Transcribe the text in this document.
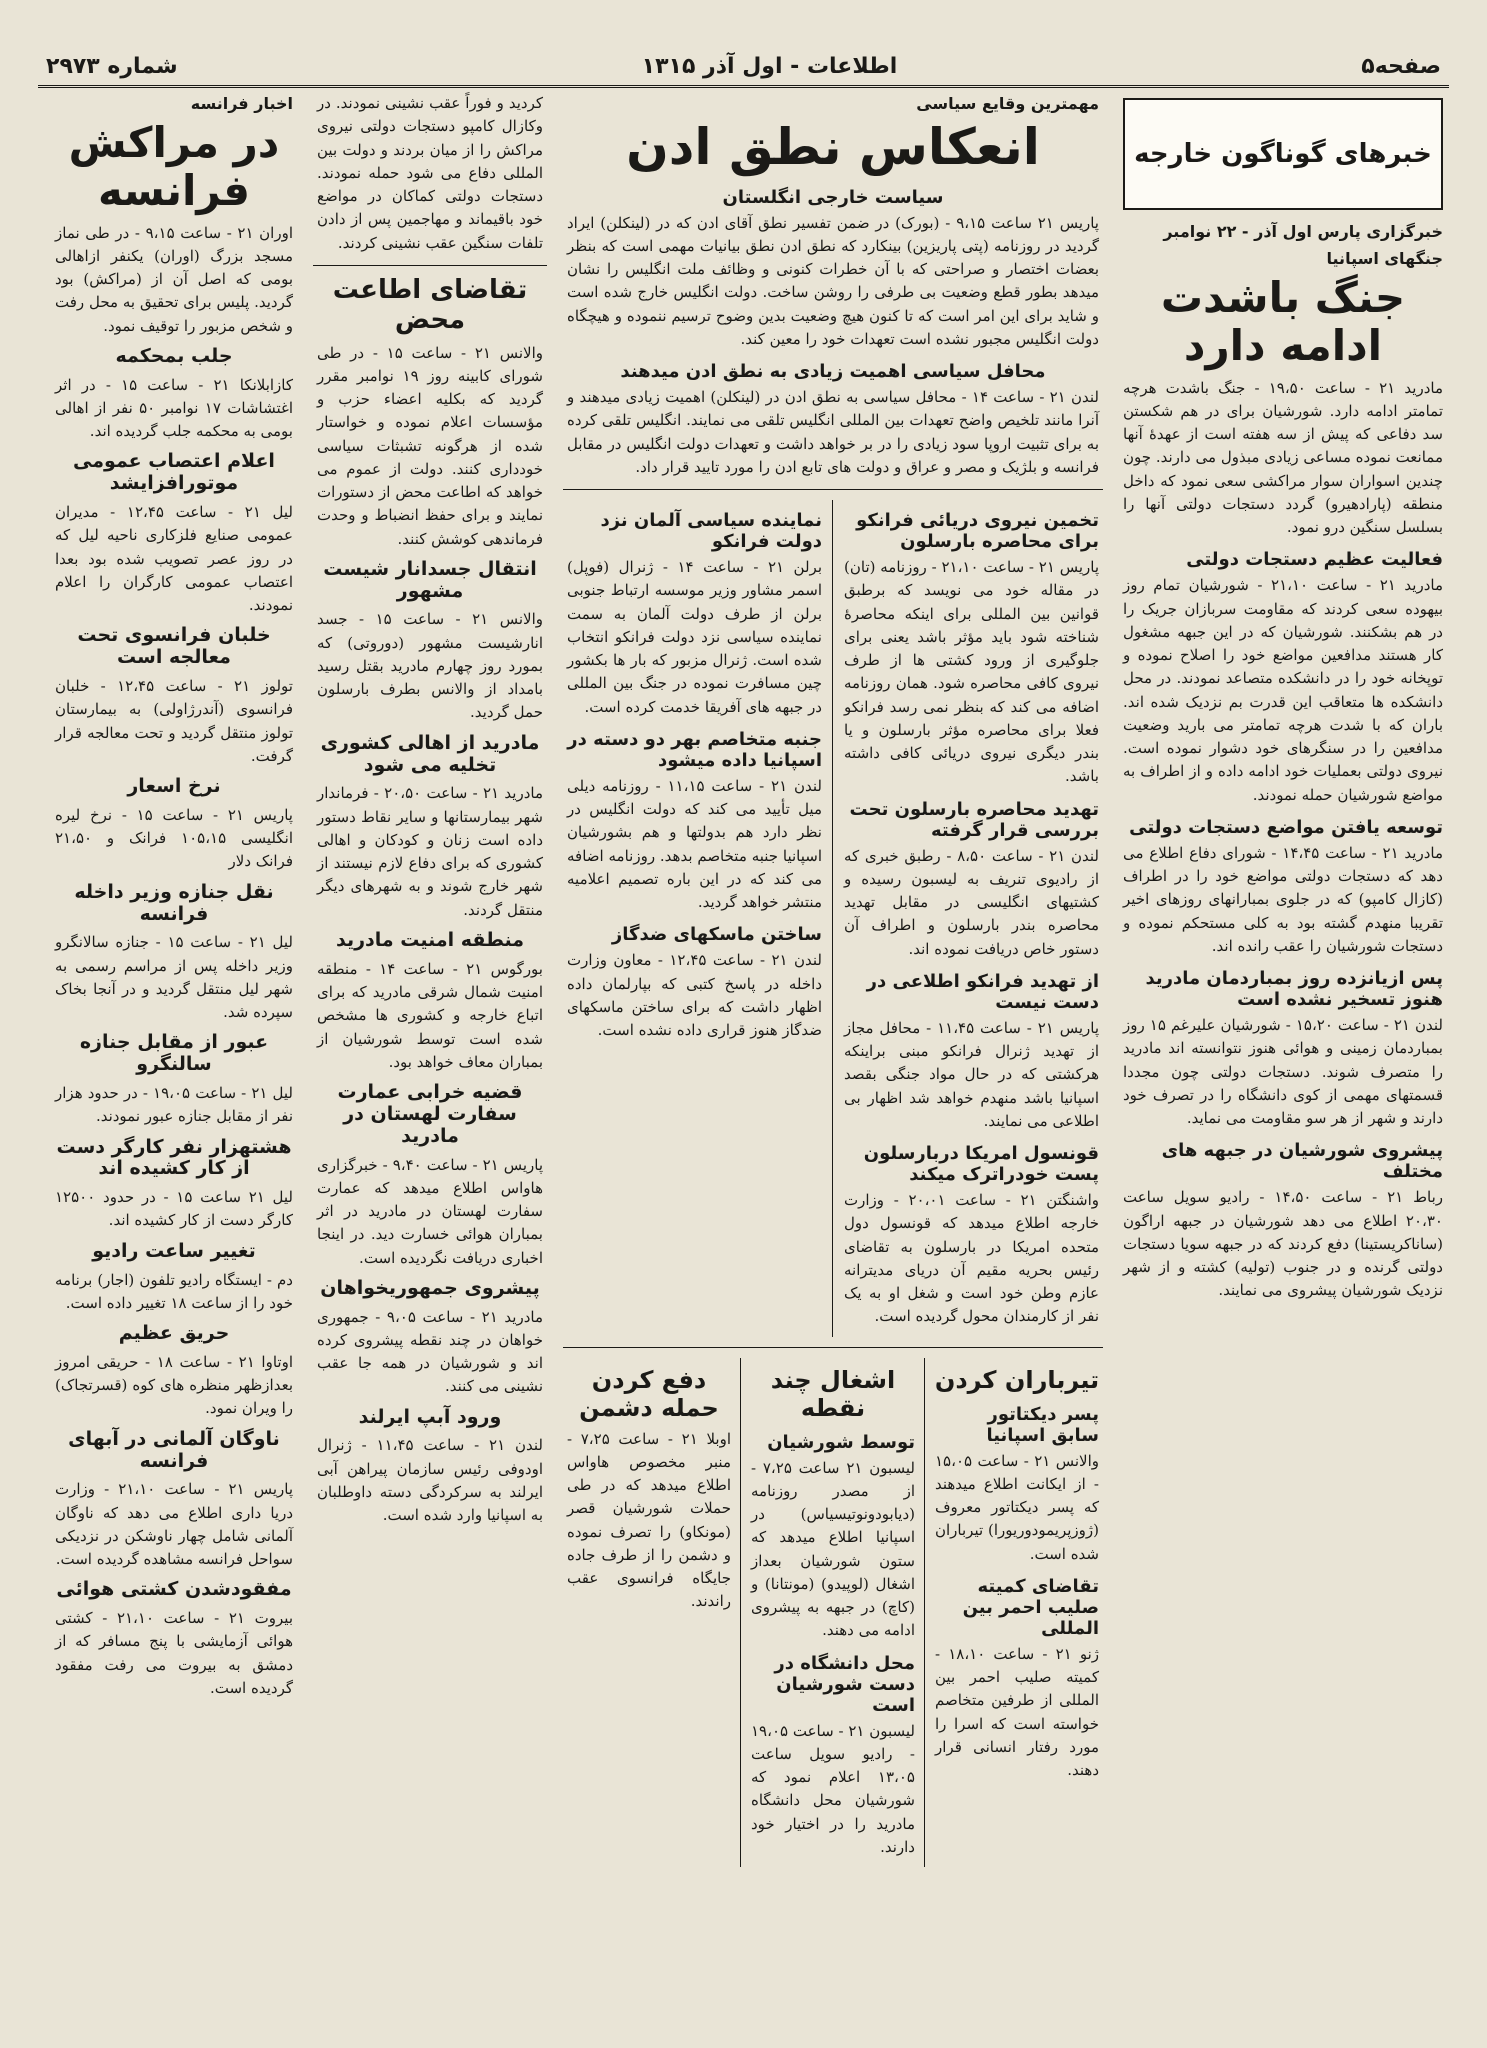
صفحه۵
اطلاعات - اول آذر ۱۳۱۵
شماره ۲۹۷۳
خبرهای گوناگون خارجه
خبرگزاری پارس اول آذر - ۲۲ نوامبر
جنگهای اسپانیا
جنگ باشدت ادامه دارد

مادرید ۲۱ - ساعت ۱۹،۵۰ - جنگ باشدت هرچه تمامتر ادامه دارد. شورشیان برای در هم شکستن سد دفاعی که پیش از سه هفته است از عهدۀ آنها ممانعت نموده مساعی زیادی مبذول می دارند. چون چندین اسواران سوار مراکشی سعی نمود که داخل منطقه (پارادهیرو) گردد دستجات دولتی آنها را بسلسل سنگین درو نمود.

فعالیت عظیم دستجات دولتی

مادرید ۲۱ - ساعت ۲۱،۱۰ - شورشیان تمام روز بیهوده سعی کردند که مقاومت سربازان جریک را در هم بشکنند. شورشیان که در این جبهه مشغول کار هستند مدافعین مواضع خود را اصلاح نموده و توپخانه خود را در دانشکده متصاعد نمودند. در محل دانشکده ها متعاقب این قدرت بم نزدیک شده اند. باران که با شدت هرچه تمامتر می بارید وضعیت مدافعین را در سنگرهای خود دشوار نموده است. نیروی دولتی بعملیات خود ادامه داده و از اطراف به مواضع شورشیان حمله نمودند.

توسعه یافتن مواضع دستجات دولتی

مادرید ۲۱ - ساعت ۱۴،۴۵ - شورای دفاع اطلاع می دهد که دستجات دولتی مواضع خود را در اطراف (کازال کامپو) که در جلوی بمبارانهای روزهای اخیر تقریبا منهدم گشته بود به کلی مستحکم نموده و دستجات شورشیان را عقب رانده اند.

پس ازیانزده روز بمباردمان مادرید هنوز تسخیر نشده است

لندن ۲۱ - ساعت ۱۵،۲۰ - شورشیان علیرغم ۱۵ روز بمباردمان زمینی و هوائی هنوز نتوانسته اند مادرید را متصرف شوند. دستجات دولتی چون مجددا قسمتهای مهمی از کوی دانشگاه را در تصرف خود دارند و شهر از هر سو مقاومت می نماید.

پیشروی شورشیان در جبهه های مختلف

رباط ۲۱ - ساعت ۱۴،۵۰ - رادیو سویل ساعت ۲۰،۳۰ اطلاع می دهد شورشیان در جبهه اراگون (ساناکریستینا) دفع کردند که در جبهه سویا دستجات دولتی گرنده و در جنوب (تولیه) کشته و از شهر نزدیک شورشیان پیشروی می نمایند.

مهمترین وقایع سیاسی
انعکاس نطق ادن
سیاست خارجی انگلستان

پاریس ۲۱ ساعت ۹،۱۵ - (بورک) در ضمن تفسیر نطق آقای ادن که در (لینکلن) ایراد گردید در روزنامه (پتی پاریزین) بینکارد که نطق ادن نطق بیانیات مهمی است که بنظر بعضات اختصار و صراحتی که با آن خطرات کنونی و وظائف ملت انگلیس را نشان میدهد بطور قطع وضعیت بی طرفی را روشن ساخت. دولت انگلیس خارج شده است و شاید برای این امر است که تا کنون هیچ وضعیت بدین وضوح ترسیم ننموده و هیچگاه دولت انگلیس مجبور نشده است تعهدات خود را معین کند.

محافل سیاسی اهمیت زیادی به نطق ادن میدهند

لندن ۲۱ - ساعت ۱۴ - محافل سیاسی به نطق ادن در (لینکلن) اهمیت زیادی میدهند و آنرا مانند تلخیص واضح تعهدات بین المللی انگلیس تلقی می نمایند. انگلیس تلقی کرده به برای تثبیت اروپا سود زیادی را در بر خواهد داشت و تعهدات دولت انگلیس در مقابل فرانسه و بلژیک و مصر و عراق و دولت های تابع ادن را مورد تایید قرار داد.

تخمین نیروی دریائی فرانکو برای محاصره بارسلون

پاریس ۲۱ - ساعت ۲۱،۱۰ - روزنامه (تان) در مقاله خود می نویسد که برطبق قوانین بین المللی برای اینکه محاصرۀ شناخته شود باید مؤثر باشد یعنی برای جلوگیری از ورود کشتی ها از طرف نیروی کافی محاصره شود. همان روزنامه اضافه می کند که بنظر نمی رسد فرانکو فعلا برای محاصره مؤثر بارسلون و یا بندر دیگری نیروی دریائی کافی داشته باشد.

تهدید محاصره بارسلون تحت بررسی قرار گرفته

لندن ۲۱ - ساعت ۸،۵۰ - رطبق خبری که از رادیوی تنریف به لیسبون رسیده و کشتیهای انگلیسی در مقابل تهدید محاصره بندر بارسلون و اطراف آن دستور خاص دریافت نموده اند.

از تهدید فرانکو اطلاعی در دست نیست

پاریس ۲۱ - ساعت ۱۱،۴۵ - محافل مجاز از تهدید ژنرال فرانکو مبنی براینکه هرکشتی که در حال مواد جنگی بقصد اسپانیا باشد منهدم خواهد شد اظهار بی اطلاعی می نمایند.

قونسول امریکا دربارسلون پست خودراترک میکند

واشنگتن ۲۱ - ساعت ۲۰،۰۱ - وزارت خارجه اطلاع میدهد که قونسول دول متحده امریکا در بارسلون به تقاضای رئیس بحریه مقیم آن دریای مدیترانه عازم وطن خود است و شغل او به یک نفر از کارمندان محول گردیده است.

نماینده سیاسی آلمان نزد دولت فرانکو

برلن ۲۱ - ساعت ۱۴ - ژنرال (فوپل) اسمر مشاور وزیر موسسه ارتباط جنوبی برلن از طرف دولت آلمان به سمت نماینده سیاسی نزد دولت فرانکو انتخاب شده است. ژنرال مزبور که بار ها بکشور چین مسافرت نموده در جنگ بین المللی در جبهه های آفریقا خدمت کرده است.

جنبه متخاصم بهر دو دسته در اسپانیا داده میشود

لندن ۲۱ - ساعت ۱۱،۱۵ - روزنامه دیلی میل تأیید می کند که دولت انگلیس در نظر دارد هم بدولتها و هم بشورشیان اسپانیا جنبه متخاصم بدهد. روزنامه اضافه می کند که در این باره تصمیم اعلامیه منتشر خواهد گردید.

ساختن ماسکهای ضدگاز

لندن ۲۱ - ساعت ۱۲،۴۵ - معاون وزارت داخله در پاسخ کتبی که بپارلمان داده اظهار داشت که برای ساختن ماسکهای ضدگاز هنوز قراری داده نشده است.

تیرباران کردن
پسر دیکتاتور سابق اسپانیا

والانس ۲۱ - ساعت ۱۵،۰۵ - از ایکانت اطلاع میدهند که پسر دیکتاتور معروف (ژوزپریمودوریورا) تیرباران شده است.

تقاضای کمیته صلیب احمر بین المللی

ژنو ۲۱ - ساعت ۱۸،۱۰ - کمیته صلیب احمر بین المللی از طرفین متخاصم خواسته است که اسرا را مورد رفتار انسانی قرار دهند.

اشغال چند نقطه
توسط شورشیان

لیسبون ۲۱ ساعت ۷،۲۵ - از مصدر روزنامه (دیابودونوتیسیاس) در اسپانیا اطلاع میدهد که ستون شورشیان بعداز اشغال (لوپیدو) (مونتانا) و (کاچ) در جبهه به پیشروی ادامه می دهند.

محل دانشگاه در دست شورشیان است

لیسبون ۲۱ - ساعت ۱۹،۰۵ - رادیو سویل ساعت ۱۳،۰۵ اعلام نمود که شورشیان محل دانشگاه مادرید را در اختیار خود دارند.

دفع کردن حمله دشمن

اوبلا ۲۱ - ساعت ۷،۲۵ - منبر مخصوص هاواس اطلاع میدهد که در طی حملات شورشیان قصر (مونکاو) را تصرف نموده و دشمن را از طرف جاده جایگاه فرانسوی عقب راندند.

کردید و فوراً عقب نشینی نمودند. در وکازال کامپو دستجات دولتی نیروی مراکش را از میان بردند و دولت بین المللی دفاع می شود حمله نمودند. دستجات دولتی کماکان در مواضع خود باقیماند و مهاجمین پس از دادن تلفات سنگین عقب نشینی کردند.

تقاضای اطاعت محض

والانس ۲۱ - ساعت ۱۵ - در طی شورای کابینه روز ۱۹ نوامبر مقرر گردید که بکلیه اعضاء حزب و مؤسسات اعلام نموده و خواستار شده از هرگونه تشبثات سیاسی خودداری کنند. دولت از عموم می خواهد که اطاعت محض از دستورات نمایند و برای حفظ انضباط و وحدت فرماندهی کوشش کنند.

انتقال جسدانار شیست مشهور

والانس ۲۱ - ساعت ۱۵ - جسد انارشیست مشهور (دوروتی) که بمورد روز چهارم مادرید بقتل رسید بامداد از والانس بطرف بارسلون حمل گردید.

مادرید از اهالی کشوری تخلیه می شود

مادرید ۲۱ - ساعت ۲۰،۵۰ - فرماندار شهر بیمارستانها و سایر نقاط دستور داده است زنان و کودکان و اهالی کشوری که برای دفاع لازم نیستند از شهر خارج شوند و به شهرهای دیگر منتقل گردند.

منطقه امنیت مادرید

بورگوس ۲۱ - ساعت ۱۴ - منطقه امنیت شمال شرقی مادرید که برای اتباع خارجه و کشوری ها مشخص شده است توسط شورشیان از بمباران معاف خواهد بود.

قضیه خرابی عمارت سفارت لهستان در مادرید

پاریس ۲۱ - ساعت ۹،۴۰ - خبرگزاری هاواس اطلاع میدهد که عمارت سفارت لهستان در مادرید در اثر بمباران هوائی خسارت دید. در اینجا اخباری دریافت نگردیده است.

پیشروی جمهوریخواهان

مادرید ۲۱ - ساعت ۹،۰۵ - جمهوری خواهان در چند نقطه پیشروی کرده اند و شورشیان در همه جا عقب نشینی می کنند.

ورود آبپ ایرلند

لندن ۲۱ - ساعت ۱۱،۴۵ - ژنرال اودوفی رئیس سازمان پیراهن آبی ایرلند به سرکردگی دسته داوطلبان به اسپانیا وارد شده است.

اخبار فرانسه
در مراکش فرانسه

اوران ۲۱ - ساعت ۹،۱۵ - در طی نماز مسجد بزرگ (اوران) یکنفر ازاهالی بومی که اصل آن از (مراکش) بود گردید. پلیس برای تحقیق به محل رفت و شخص مزبور را توقیف نمود.

جلب بمحکمه

کازابلانکا ۲۱ - ساعت ۱۵ - در اثر اغتشاشات ۱۷ نوامبر ۵۰ نفر از اهالی بومی به محکمه جلب گردیده اند.

اعلام اعتصاب عمومی موتورافزایشد

لیل ۲۱ - ساعت ۱۲،۴۵ - مدیران عمومی صنایع فلزکاری ناحیه لیل که در روز عصر تصویب شده بود بعدا اعتصاب عمومی کارگران را اعلام نمودند.

خلبان فرانسوی تحت معالجه است

تولوز ۲۱ - ساعت ۱۲،۴۵ - خلبان فرانسوی (آندرژاولی) به بیمارستان تولوز منتقل گردید و تحت معالجه قرار گرفت.

نرخ اسعار

پاریس ۲۱ - ساعت ۱۵ - نرخ لیره انگلیسی ۱۰۵،۱۵ فرانک و ۲۱،۵۰ فرانک دلار

نقل جنازه وزیر داخله فرانسه

لیل ۲۱ - ساعت ۱۵ - جنازه سالانگرو وزیر داخله پس از مراسم رسمی به شهر لیل منتقل گردید و در آنجا بخاک سپرده شد.

عبور از مقابل جنازه سالنگرو

لیل ۲۱ - ساعت ۱۹،۰۵ - در حدود هزار نفر از مقابل جنازه عبور نمودند.

هشتهزار نفر کارگر دست از کار کشیده اند

لیل ۲۱ ساعت ۱۵ - در حدود ۱۲۵۰۰ کارگر دست از کار کشیده اند.

تغییر ساعت رادیو

دم - ایستگاه رادیو تلفون (اجار) برنامه خود را از ساعت ۱۸ تغییر داده است.

حریق عظیم

اوتاوا ۲۱ - ساعت ۱۸ - حریقی امروز بعدازظهر منظره های کوه (قسرتجاک) را ویران نمود.

ناوگان آلمانی در آبهای فرانسه

پاریس ۲۱ - ساعت ۲۱،۱۰ - وزارت دریا داری اطلاع می دهد که ناوگان آلمانی شامل چهار ناوشکن در نزدیکی سواحل فرانسه مشاهده گردیده است.

مفقودشدن کشتی هوائی

بیروت ۲۱ - ساعت ۲۱،۱۰ - کشتی هوائی آزمایشی با پنج مسافر که از دمشق به بیروت می رفت مفقود گردیده است.
